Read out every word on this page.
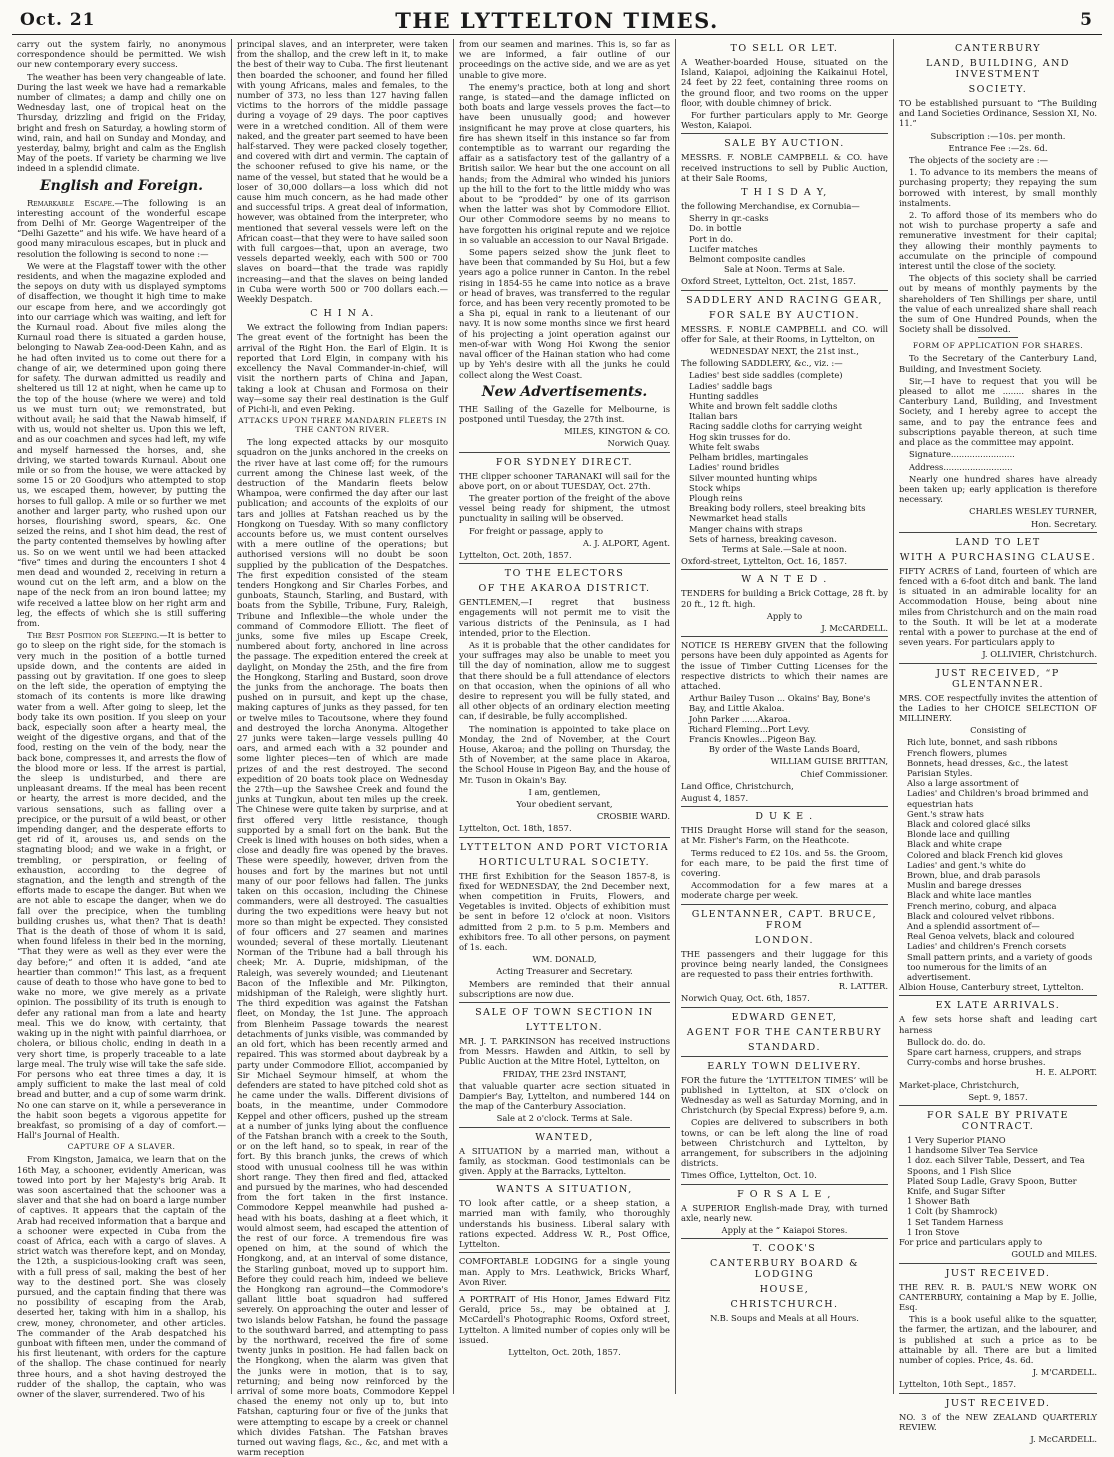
Oct. 21	THE LYTTELTON TIMES.	5

carry out the system fairly, no anonymous correspondence should be permitted. We wish our new contemporary every success.

The weather has been very changeable of late. During the last week we have had a remarkable number of climates; a damp and chilly one on Wednesday last, one of tropical heat on the Thursday, drizzling and frigid on the Friday, bright and fresh on Saturday, a howling storm of wind, rain, and hail on Sunday and Monday, and yesterday, balmy, bright and calm as the English May of the poets. If variety be charming we live indeed in a splendid climate.

English and Foreign.

Remarkable Escape.—The following is an interesting account of the wonderful escape from Delhi of Mr. George Wagentreiper of the “Delhi Gazette” and his wife. We have heard of a good many miraculous escapes, but in pluck and resolution the following is second to none :—

We were at the Flagstaff tower with the other residents, and when the magazine exploded and the sepoys on duty with us displayed symptoms of disaffection, we thought it high time to make our escape from here, and we accordingly got into our carriage which was waiting, and left for the Kurnaul road. About five miles along the Kurnaul road there is situated a garden house, belonging to Nawab Zea-ood-Deen Kahn, and as he had often invited us to come out there for a change of air, we determined upon going there for safety. The durwan admitted us readily and sheltered us till 12 at night, when he came up to the top of the house (where we were) and told us we must turn out; we remonstrated, but without avail; he said that the Nawab himself, if with us, would not shelter us. Upon this we left, and as our coachmen and syces had left, my wife and myself harnessed the horses, and, she driving, we started towards Kurnaul. About one mile or so from the house, we were attacked by some 15 or 20 Goodjurs who attempted to stop us, we escaped them, however, by putting the horses to full gallop. A mile or so further we met another and larger party, who rushed upon our horses, flourishing sword, spears, &c. One seized the reins, and I shot him dead, the rest of the party contented themselves by howling after us. So on we went until we had been attacked “five” times and during the encounters I shot 4 men dead and wounded 2, receiving in return a wound cut on the left arm, and a blow on the nape of the neck from an iron bound lattee; my wife received a lattee blow on her right arm and leg, the effects of which she is still suffering from.

The Best Position for Sleeping.—It is better to go to sleep on the right side, for the stomach is very much in the position of a bottle turned upside down, and the contents are aided in passing out by gravitation. If one goes to sleep on the left side, the operation of emptying the stomach of its contents is more like drawing water from a well. After going to sleep, let the body take its own position. If you sleep on your back, especially soon after a hearty meal, the weight of the digestive organs, and that of the food, resting on the vein of the body, near the back bone, compresses it, and arrests the flow of the blood more or less. If the arrest is partial, the sleep is undisturbed, and there are unpleasant dreams. If the meal has been recent or hearty, the arrest is more decided, and the various sensations, such as falling over a precipice, or the pursuit of a wild beast, or other impending danger, and the desperate efforts to get rid of it, arouses us, and sends on the stagnating blood; and we wake in a fright, or trembling, or perspiration, or feeling of exhaustion, according to the degree of stagnation, and the length and strength of the efforts made to escape the danger. But when we are not able to escape the danger, when we do fall over the precipice, when the tumbling building crushes us, what then? That is death! That is the death of those of whom it is said, when found lifeless in their bed in the morning, “That they were as well as they ever were the day before;” and often it is added, “and ate heartier than common!” This last, as a frequent cause of death to those who have gone to bed to wake no more, we give merely as a private opinion. The possibility of its truth is enough to defer any rational man from a late and hearty meal. This we do know, with certainty, that waking up in the night with painful diarrhoea, or cholera, or bilious cholic, ending in death in a very short time, is properly traceable to a late large meal. The truly wise will take the safe side. For persons who eat three times a day, it is amply sufficient to make the last meal of cold bread and butter, and a cup of some warm drink. No one can starve on it, while a perseverance in the habit soon begets a vigorous appetite for breakfast, so promising of a day of comfort.—Hall's Journal of Health.

CAPTURE OF A SLAVER.

From Kingston, Jamaica, we learn that on the 16th May, a schooner, evidently American, was towed into port by her Majesty's brig Arab. It was soon ascertained that the schooner was a slaver and that she had on board a large number of captives. It appears that the captain of the Arab had received information that a barque and a schooner were expected in Cuba from the coast of Africa, each with a cargo of slaves. A strict watch was therefore kept, and on Monday, the 12th, a suspicious-looking craft was seen, with a full press of sail, making the best of her way to the destined port. She was closely pursued, and the captain finding that there was no possibility of escaping from the Arab, deserted her, taking with him in a shallop, his crew, money, chronometer, and other articles. The commander of the Arab despatched his gunboat with fifteen men, under the command of his first lieutenant, with orders for the capture of the shallop. The chase continued for nearly three hours, and a shot having destroyed the rudder of the shallop, the captain, who was owner of the slaver, surrendered. Two of his

principal slaves, and an interpreter, were taken from the shallop, and the crew left in it, to make the best of their way to Cuba. The first lieutenant then boarded the schooner, and found her filled with young Africans, males and females, to the number of 373, no less than 127 having fallen victims to the horrors of the middle passage during a voyage of 29 days. The poor captives were in a wretched condition. All of them were naked, and the greater part seemed to have been half-starved. They were packed closely together, and covered with dirt and vermin. The captain of the schooner refused to give his name, or the name of the vessel, but stated that he would be a loser of 30,000 dollars—a loss which did not cause him much concern, as he had made other and successful trips. A great deal of information, however, was obtained from the interpreter, who mentioned that several vessels were left on the African coast—that they were to have sailed soon with full cargoes—that, upon an average, two vessels departed weekly, each with 500 or 700 slaves on board—that the trade was rapidly increasing—and that the slaves on being landed in Cuba were worth 500 or 700 dollars each.—Weekly Despatch.

C H I N A.

We extract the following from Indian papers: The great event of the fortnight has been the arrival of the Right Hon. the Earl of Elgin. It is reported that Lord Elgin, in company with his excellency the Naval Commander-in-chief, will visit the northern parts of China and Japan, taking a look at Chusan and Formosa on their way—some say their real destination is the Gulf of Pichi-li, and even Peking.

ATTACKS UPON THREE MANDARIN FLEETS IN THE CANTON RIVER.

The long expected attacks by our mosquito squadron on the junks anchored in the creeks on the river have at last come off; for the rumours current among the Chinese last week, of the destruction of the Mandarin fleets below Whampoa, were confirmed the day after our last publication; and accounts of the exploits of our tars and jollies at Fatshan reached us by the Hongkong on Tuesday. With so many conflictory accounts before us, we must content ourselves with a mere outline of the operations; but authorised versions will no doubt be soon supplied by the publication of the Despatches. The first expedition consisted of the steam tenders Hongkong and Sir Charles Forbes, and gunboats, Staunch, Starling, and Bustard, with boats from the Sybille, Tribune, Fury, Raleigh, Tribune and Inflexible—the whole under the command of Commodore Elliott. The fleet of junks, some five miles up Escape Creek, numbered about forty, anchored in line across the passage. The expedition entered the creek at daylight, on Monday the 25th, and the fire from the Hongkong, Starling and Bustard, soon drove the junks from the anchorage. The boats then pushed on in pursuit, and kept up the chase, making captures of junks as they passed, for ten or twelve miles to Tacoutsone, where they found and destroyed the lorcha Anonyma. Altogether 27 junks were taken—large vessels pulling 40 oars, and armed each with a 32 pounder and some lighter pieces—ten of which are made prizes of and the rest destroyed. The second expedition of 20 boats took place on Wednesday the 27th—up the Sawshee Creek and found the junks at Tungkun, about ten miles up the creek. The Chinese were quite taken by surprise, and at first offered very little resistance, though supported by a small fort on the bank. But the Creek is lined with houses on both sides, when a close and deadly fire was opened by the braves. These were speedily, however, driven from the houses and fort by the marines but not until many of our poor fellows had fallen. The junks taken on this occasion, including the Chinese commanders, were all destroyed. The casualties during the two expeditions were heavy but not more so than might be expected. They consisted of four officers and 27 seamen and marines wounded; several of these mortally. Lieutenant Norman of the Tribune had a ball through his cheek; Mr. A. Duprie, midshipman, of the Raleigh, was severely wounded; and Lieutenant Bacon of the Inflexible and Mr. Pilkington, midshipman of the Raleigh, were slightly hurt. The third expedition was against the Fatshan fleet, on Monday, the 1st June. The approach from Blenheim Passage towards the nearest detachments of junks visible, was commanded by an old fort, which has been recently armed and repaired. This was stormed about daybreak by a party under Commodore Elliot, accompanied by Sir Michael Seymour himself, at whom the defenders are stated to have pitched cold shot as he came under the walls. Different divisions of boats, in the meantime, under Commodore Keppel and other officers, pushed up the stream at a number of junks lying about the confluence of the Fatshan branch with a creek to the South, or on the left hand, so to speak, in rear of the fort. By this branch junks, the crews of which stood with unusual coolness till he was within short range. They then fired and fled, attacked and pursued by the marines, who had descended from the fort taken in the first instance. Commodore Keppel meanwhile had pushed a-head with his boats, dashing at a fleet which, it would almost seem, had escaped the attention of the rest of our force. A tremendous fire was opened on him, at the sound of which the Hongkong, and, at an interval of some distance, the Starling gunboat, moved up to support him. Before they could reach him, indeed we believe the Hongkong ran aground—the Commodore's gallant little boat squadron had suffered severely. On approaching the outer and lesser of two islands below Fatshan, he found the passage to the southward barred, and attempting to pass by the northward, received the fire of some twenty junks in position. He had fallen back on the Hongkong, when the alarm was given that the junks were in motion, that is to say, returning; and being now reinforced by the arrival of some more boats, Commodore Keppel chased the enemy not only up to, but into Fatshan, capturing four or five of the junks that were attempting to escape by a creek or channel which divides Fatshan. The Fatshan braves turned out waving flags, &c., &c, and met with a warm reception

from our seamen and marines. This is, so far as we are informed, a fair outline of our proceedings on the active side, and we are as yet unable to give more.

The enemy's practice, both at long and short range, is stated—and the damage inflicted on both boats and large vessels proves the fact—to have been unusually good; and however insignificant he may prove at close quarters, his fire has shewn itself in this instance so far from contemptible as to warrant our regarding the affair as a satisfactory test of the gallantry of a British sailor. We hear but the one account on all hands; from the Admiral who winded his juniors up the hill to the fort to the little middy who was about to be “prodded” by one of its garrison when the latter was shot by Commodore Elliot. Our other Commodore seems by no means to have forgotten his original repute and we rejoice in so valuable an accession to our Naval Brigade.

Some papers seized show the junk fleet to have been that commanded by Su Hoi, but a few years ago a police runner in Canton. In the rebel rising in 1854-55 he came into notice as a brave or head of braves, was transferred to the regular force, and has been very recently promoted to be a Sha pi, equal in rank to a lieutenant of our navy. It is now some months since we first heard of his projecting a joint operation against our men-of-war with Wong Hoi Kwong the senior naval officer of the Hainan station who had come up by Yeh's desire with all the junks he could collect along the West Coast.

New Advertisements.

THE Sailing of the Gazelle for Melbourne, is postponed until Tuesday, the 27th inst.

MILES, KINGTON & CO.
Norwich Quay.
FOR SYDNEY DIRECT.

THE clipper schooner TARANAKI will sail for the above port, on or about TUESDAY, Oct. 27th.

The greater portion of the freight of the above vessel being ready for shipment, the utmost punctuality in sailing will be observed.

For freight or passage, apply to

A. J. ALPORT, Agent.

Lyttelton, Oct. 20th, 1857.

TO THE ELECTORS
OF THE AKAROA DISTRICT.

GENTLEMEN,—I regret that business engagements will not permit me to visit the various districts of the Peninsula, as I had intended, prior to the Election.

As it is probable that the other candidates for your suffrages may also be unable to meet you till the day of nomination, allow me to suggest that there should be a full attendance of electors on that occasion, when the opinions of all who desire to represent you will be fully stated, and all other objects of an ordinary election meeting can, if desirable, be fully accomplished.

The nomination is appointed to take place on Monday, the 2nd of November, at the Court House, Akaroa; and the polling on Thursday, the 5th of November, at the same place in Akaroa, the School House in Pigeon Bay, and the house of Mr. Tuson in Okain's Bay.

I am, gentlemen,

Your obedient servant,

CROSBIE WARD.

Lyttelton, Oct. 18th, 1857.

LYTTELTON AND PORT VICTORIA
HORTICULTURAL SOCIETY.

THE first Exhibition for the Season 1857-8, is fixed for WEDNESDAY, the 2nd December next, when competition in Fruits, Flowers, and Vegetables is invited. Objects of exhibition must be sent in before 12 o'clock at noon. Visitors admitted from 2 p.m. to 5 p.m. Members and exhibitors free. To all other persons, on payment of 1s. each.

WM. DONALD,

Acting Treasurer and Secretary.

Members are reminded that their annual subscriptions are now due.

SALE OF TOWN SECTION IN
LYTTELTON.

MR. J. T. PARKINSON has received instructions from Messrs. Hawden and Aitkin, to sell by Public Auction at the Mitre Hotel, Lyttelton, on

FRIDAY, THE 23rd INSTANT,

that valuable quarter acre section situated in Dampier's Bay, Lyttelton, and numbered 144 on the map of the Canterbury Association.

Sale at 2 o'clock. Terms at Sale.

WANTED,

A SITUATION by a married man, without a family, as stockman. Good testimonials can be given. Apply at the Barracks, Lyttelton.

WANTS A SITUATION,

TO look after cattle, or a sheep station, a married man with family, who thoroughly understands his business. Liberal salary with rations expected. Address W. R., Post Office, Lyttelton.

COMFORTABLE LODGING for a single young man. Apply to Mrs. Leathwick, Bricks Wharf, Avon River.

A PORTRAIT of His Honor, James Edward Fitz Gerald, price 5s., may be obtained at J. McCardell's Photographic Rooms, Oxford street, Lyttelton. A limited number of copies only will be issued.

Lyttelton, Oct. 20th, 1857.

TO SELL OR LET.

A Weather-boarded House, situated on the Island, Kaiapoi, adjoining the Kaikainui Hotel, 24 feet by 22 feet, containing three rooms on the ground floor, and two rooms on the upper floor, with double chimney of brick.

For further particulars apply to Mr. George Weston, Kaiapoi.

SALE BY AUCTION.

MESSRS. F. NOBLE CAMPBELL & CO. have received instructions to sell by Public Auction, at their Sale Rooms,

T H I S D A Y,

the following Merchandise, ex Cornubia—

Sherry in qr.-casks

Do. in bottle

Port in do.

Lucifer matches

Belmont composite candles

Sale at Noon. Terms at Sale.

Oxford Street, Lyttelton, Oct. 21st, 1857.

SADDLERY AND RACING GEAR,
FOR SALE BY AUCTION.

MESSRS. F. NOBLE CAMPBELL and CO. will offer for Sale, at their Rooms, in Lyttelton, on

WEDNESDAY NEXT, the 21st inst.,

The following SADDLERY, &c., viz. :—

Ladies' best side saddles (complete)

Ladies' saddle bags

Hunting saddles

White and brown felt saddle cloths

Italian bars

Racing saddle cloths for carrying weight

Hog skin trusses for do.

White felt swabs

Pelham bridles, martingales

Ladies' round bridles

Silver mounted hunting whips

Stock whips

Plough reins

Breaking body rollers, steel breaking bits

Newmarket head stalls

Manger chains with straps

Sets of harness, breaking caveson.

Terms at Sale.—Sale at noon.

Oxford-street, Lyttelton, Oct. 16, 1857.

W A N T E D .

TENDERS for building a Brick Cottage, 28 ft. by 20 ft., 12 ft. high.

Apply to

J. McCARDELL.

NOTICE IS HEREBY GIVEN that the following persons have been duly appointed as Agents for the issue of Timber Cutting Licenses for the respective districts to which their names are attached.

Arthur Bailey Tuson ... Okains' Bay, Bone's Bay, and Little Akaloa.

John Parker ......Akaroa.

Richard Fleming...Port Levy.

Francis Knowles...Pigeon Bay.

By order of the Waste Lands Board,

WILLIAM GUISE BRITTAN,
Chief Commissioner.

Land Office, Christchurch,

August 4, 1857.

D U K E .

THIS Draught Horse will stand for the season, at Mr. Fisher's Farm, on the Heathcote.

Terms reduced to £2 10s. and 5s. the Groom, for each mare, to be paid the first time of covering.

Accommodation for a few mares at a moderate charge per week.

GLENTANNER, CAPT. BRUCE, FROM
LONDON.

THE passengers and their luggage for this province being nearly landed, the Consignees are requested to pass their entries forthwith.

R. LATTER.

Norwich Quay, Oct. 6th, 1857.

EDWARD GENET,
AGENT FOR THE CANTERBURY
STANDARD.
EARLY TOWN DELIVERY.

FOR the future the ‘LYTTELTON TIMES’ will be published in Lyttelton, at SIX o'clock on Wednesday as well as Saturday Morning, and in Christchurch (by Special Express) before 9, a.m.

Copies are delivered to subscribers in both towns, or can be left along the line of road between Christchurch and Lyttelton, by arrangement, for subscribers in the adjoining districts.

Times Office, Lyttelton, Oct. 10.

F O R S A L E ,

A SUPERIOR English-made Dray, with turned axle, nearly new.

Apply at the “ Kaiapoi Stores.

T. COOK'S
CANTERBURY BOARD & LODGING
HOUSE,
CHRISTCHURCH.

N.B. Soups and Meals at all Hours.

CANTERBURY
LAND, BUILDING, AND INVESTMENT
SOCIETY.

TO be established pursuant to “The Building and Land Societies Ordinance, Session XI, No. 11.”

Subscription :—10s. per month.

Entrance Fee :—2s. 6d.

The objects of the society are :—

1. To advance to its members the means of purchasing property; they repaying the sum borrowed with interest, by small monthly instalments.

2. To afford those of its members who do not wish to purchase property a safe and remunerative investment for their capital; they allowing their monthly payments to accumulate on the principle of compound interest until the close of the society.

The objects of this society shall be carried out by means of monthly payments by the shareholders of Ten Shillings per share, until the value of each unrealized share shall reach the sum of One Hundred Pounds, when the Society shall be dissolved.

FORM OF APPLICATION FOR SHARES.

To the Secretary of the Canterbury Land, Building, and Investment Society.

Sir,—I have to request that you will be pleased to allot me ........ shares in the Canterbury Land, Building, and Investment Society, and I hereby agree to accept the same, and to pay the entrance fees and subscriptions payable thereon, at such time and place as the committee may appoint.

Signature........................

Address..........................

Nearly one hundred shares have already been taken up; early application is therefore necessary.

CHARLES WESLEY TURNER,
Hon. Secretary.
LAND TO LET
WITH A PURCHASING CLAUSE.

FIFTY ACRES of Land, fourteen of which are fenced with a 6-foot ditch and bank. The land is situated in an admirable locality for an Accommodation House, being about nine miles from Christchurch and on the main road to the South. It will be let at a moderate rental with a power to purchase at the end of seven years. For particulars apply to

J. OLLIVIER, Christchurch.
JUST RECEIVED, “P GLENTANNER.

MRS. COE respectfully invites the attention of the Ladies to her CHOICE SELECTION OF MILLINERY.

Consisting of

Rich lute, bonnet, and sash ribbons

French flowers, plumes

Bonnets, head dresses, &c., the latest Parisian Styles.

Also a large assortment of

Ladies' and Children's broad brimmed and equestrian hats

Gent.'s straw hats

Black and colored glacé silks

Blonde lace and quilling

Black and white crape

Colored and black French kid gloves

Ladies' and gent.'s white do

Brown, blue, and drab parasols

Muslin and barege dresses

Black and white lace mantles

French merino, coburg, and alpaca

Black and coloured velvet ribbons.

And a splendid assortment of—

Real Genoa velvets, black and coloured

Ladies' and children's French corsets

Small pattern prints, and a variety of goods too numerous for the limits of an advertisement.

Albion House, Canterbury street, Lyttelton.

EX LATE ARRIVALS.

A few sets horse shaft and leading cart harness

Bullock do. do. do.

Spare cart harness, cruppers, and straps

Curry-combs and horse brushes.

H. E. ALPORT.

Market-place, Christchurch,

Sept. 9, 1857.

FOR SALE BY PRIVATE CONTRACT.

1 Very Superior PIANO

1 handsome Silver Tea Service

1 doz. each Silver Table, Dessert, and Tea Spoons, and 1 Fish Slice

Plated Soup Ladle, Gravy Spoon, Butter Knife, and Sugar Sifter

1 Shower Bath

1 Colt (by Shamrock)

1 Set Tandem Harness

1 Iron Stove

For price and particulars apply to

GOULD and MILES.
JUST RECEIVED.

THE REV. R. B. PAUL'S NEW WORK ON CANTERBURY, containing a Map by E. Jollie, Esq.

This is a book useful alike to the squatter, the farmer, the artizan, and the labourer, and is published at such a price as to be attainable by all. There are but a limited number of copies. Price, 4s. 6d.

J. M'CARDELL.

Lyttelton, 10th Sept., 1857.

JUST RECEIVED.

NO. 3 of the NEW ZEALAND QUARTERLY REVIEW.

J. McCARDELL.
